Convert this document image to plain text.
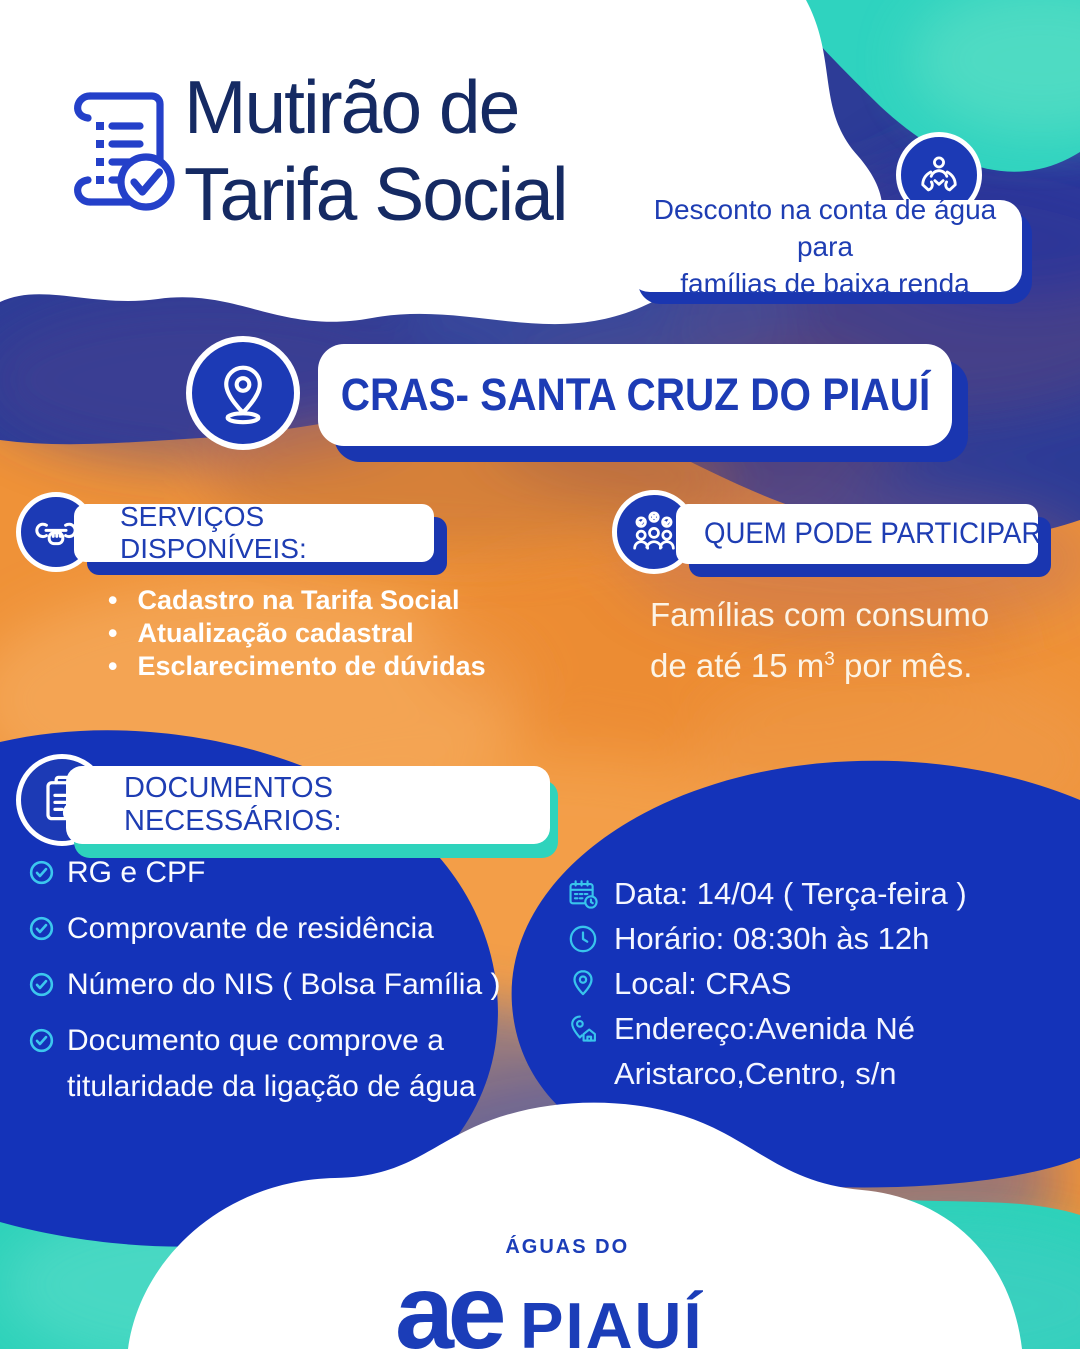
Mutirão de
Tarifa Social	Desconto na conta de água para
famílias de baixa renda
CRAS- SANTA CRUZ DO PIAUÍ
SERVIÇOS DISPONÍVEIS:
• Cadastro na Tarifa Social
• Atualização cadastral
• Esclarecimento de dúvidas
QUEM PODE PARTICIPAR
Famílias com consumo
de até 15 $m^3$ por mês.
DOCUMENTOS NECESSÁRIOS:
RG e CPF
Comprovante de residência
Número do NIS ( Bolsa Família )
Documento que comprove a titularidade da ligação de água
Data: 14/04 ( Terça-feira )
Horário: 08:30h às 12h
Local: CRAS
Endereço:Avenida Né
Aristarco,Centro, s/n
ÁGUAS DO
ae PIAUÍ
